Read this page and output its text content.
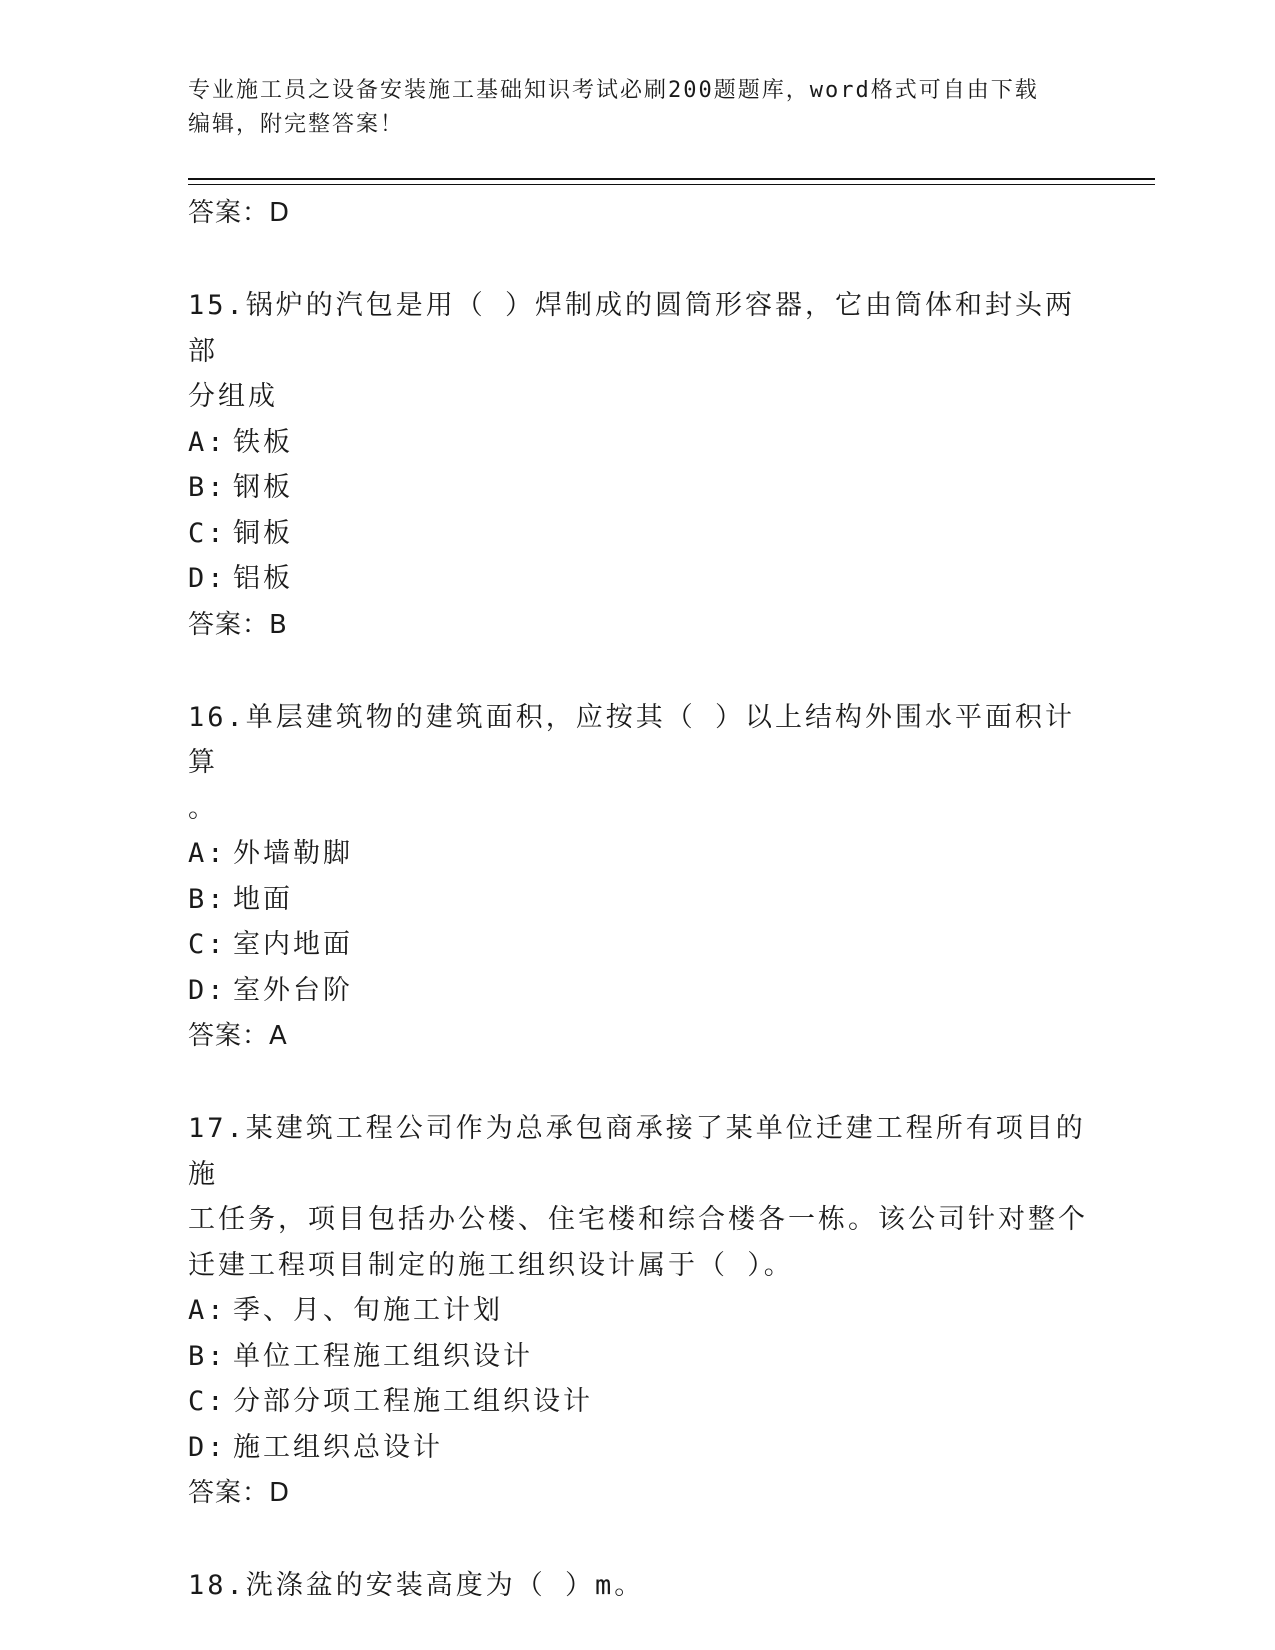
专业施工员之设备安装施工基础知识考试必刷200题题库，word格式可自由下载
编辑，附完整答案！
答案：D
15.锅炉的汽包是用（ ）焊制成的圆筒形容器，它由筒体和封头两部
分组成
A: 铁板
B: 钢板
C: 铜板
D: 铝板
答案：B
16.单层建筑物的建筑面积，应按其（ ）以上结构外围水平面积计算
。
A: 外墙勒脚
B: 地面
C: 室内地面
D: 室外台阶
答案：A
17.某建筑工程公司作为总承包商承接了某单位迁建工程所有项目的施
工任务，项目包括办公楼、住宅楼和综合楼各一栋。该公司针对整个
迁建工程项目制定的施工组织设计属于（ ）。
A: 季、月、旬施工计划
B: 单位工程施工组织设计
C: 分部分项工程施工组织设计
D: 施工组织总设计
答案：D
18.洗涤盆的安装高度为（ ）m。
